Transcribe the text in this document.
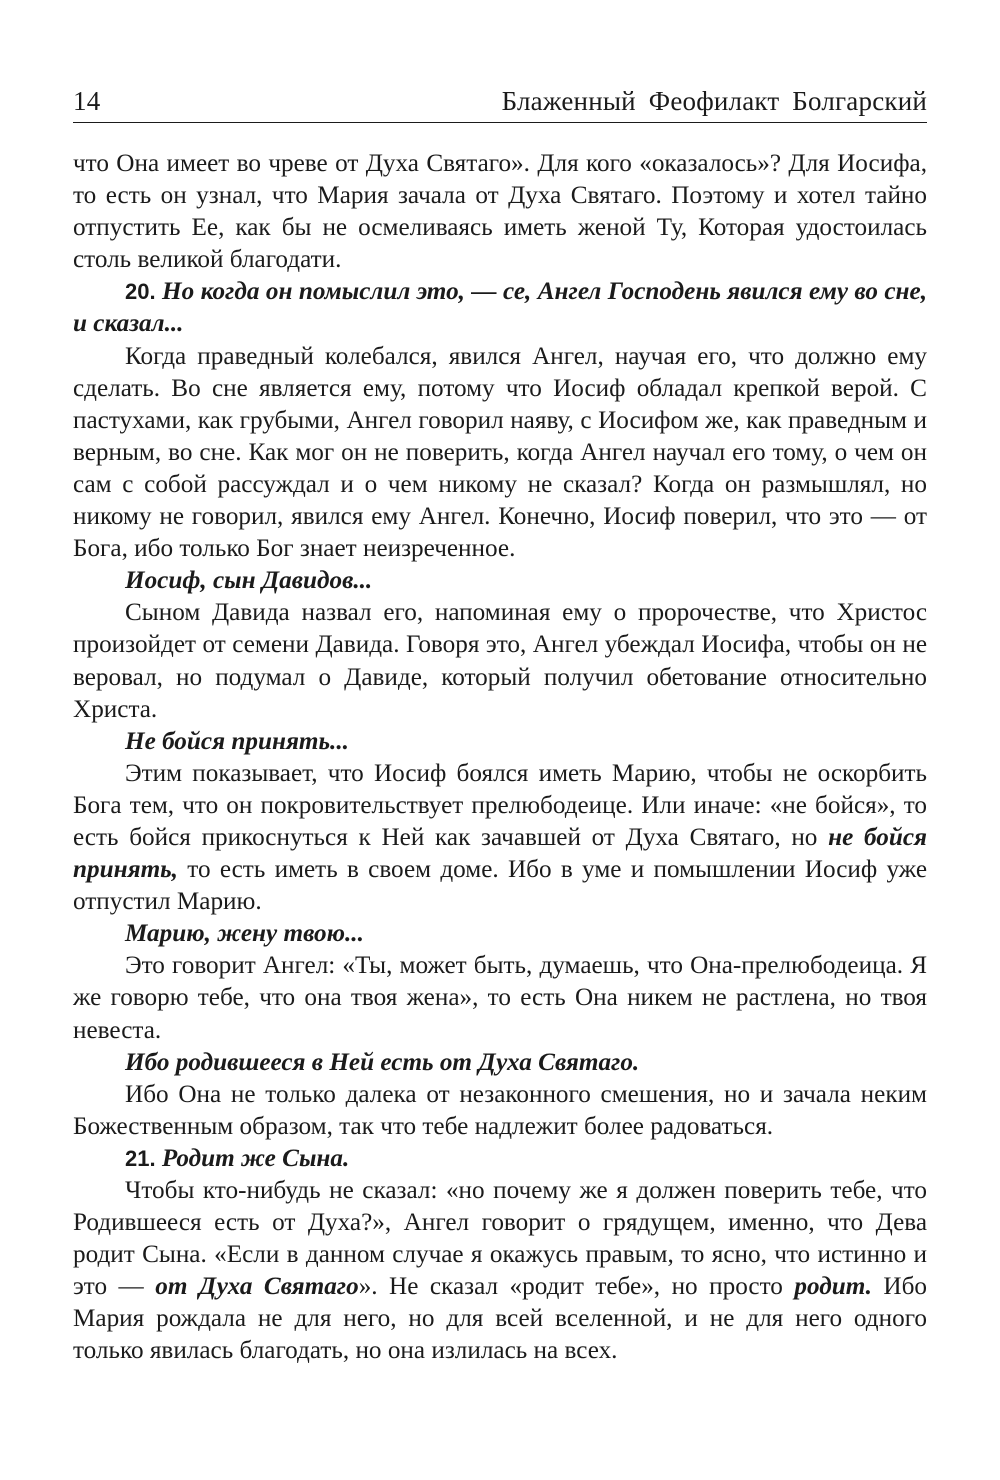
14	Блаженный Феофилакт Болгарский

что Она имеет во чреве от Духа Святаго». Для кого «оказалось»? Для Иосифа, то есть он узнал, что Мария зачала от Духа Святаго. Поэтому и хотел тайно отпустить Ее, как бы не осмеливаясь иметь женой Ту, Которая удостоилась столь великой благодати.

20. Но когда он помыслил это, — се, Ангел Господень явился ему во сне, и сказал...

Когда праведный колебался, явился Ангел, научая его, что должно ему сделать. Во сне является ему, потому что Иосиф обладал крепкой верой. С пастухами, как грубыми, Ангел говорил наяву, с Иосифом же, как праведным и верным, во сне. Как мог он не поверить, когда Ангел научал его тому, о чем он сам с собой рассуждал и о чем никому не сказал? Когда он размышлял, но никому не говорил, явился ему Ангел. Конечно, Иосиф поверил, что это — от Бога, ибо только Бог знает неизреченное.

Иосиф, сын Давидов...

Сыном Давида назвал его, напоминая ему о пророчестве, что Христос произойдет от семени Давида. Говоря это, Ангел убеждал Иосифа, чтобы он не веровал, но подумал о Давиде, который получил обетование относительно Христа.

Не бойся принять...

Этим показывает, что Иосиф боялся иметь Марию, чтобы не оскорбить Бога тем, что он покровительствует прелюбодеице. Или иначе: «не бойся», то есть бойся прикоснуться к Ней как зачавшей от Духа Святаго, но не бойся принять, то есть иметь в своем доме. Ибо в уме и помышлении Иосиф уже отпустил Марию.

Марию, жену твою...

Это говорит Ангел: «Ты, может быть, думаешь, что Она-прелюбодеица. Я же говорю тебе, что она твоя жена», то есть Она никем не растлена, но твоя невеста.

Ибо родившееся в Ней есть от Духа Святаго.

Ибо Она не только далека от незаконного смешения, но и зачала неким Божественным образом, так что тебе надлежит более радоваться.

21. Родит же Сына.

Чтобы кто-нибудь не сказал: «но почему же я должен поверить тебе, что Родившееся есть от Духа?», Ангел говорит о грядущем, именно, что Дева родит Сына. «Если в данном случае я окажусь правым, то ясно, что истинно и это — от Духа Святаго». Не сказал «родит тебе», но просто родит. Ибо Мария рождала не для него, но для всей вселенной, и не для него одного только явилась благодать, но она излилась на всех.
